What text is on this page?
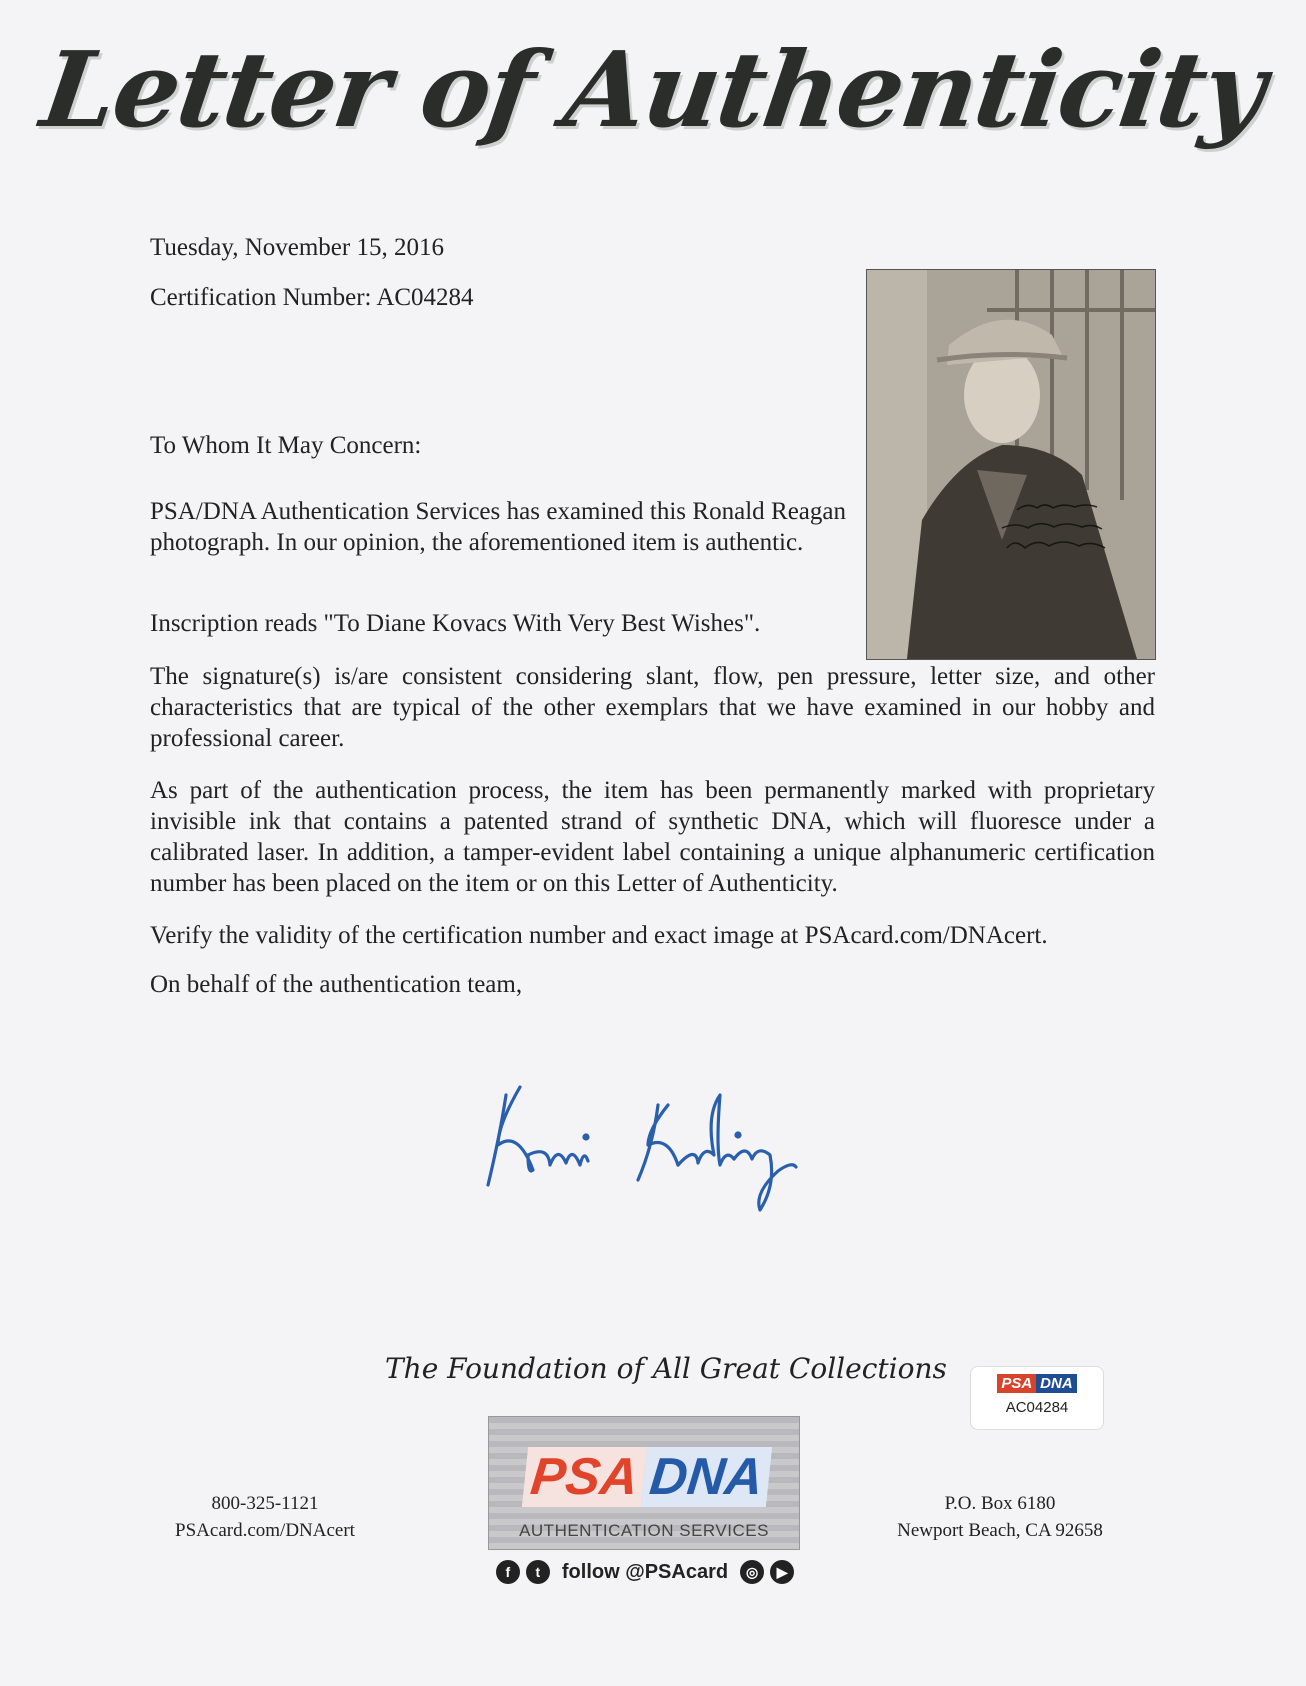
Letter of Authenticity
Tuesday, November 15, 2016
Certification Number: AC04284

To Whom It May Concern:

PSA/DNA Authentication Services has examined this Ronald Reagan photograph. In our opinion, the aforementioned item is authentic.

Inscription reads "To Diane Kovacs With Very Best Wishes".

The signature(s) is/are consistent considering slant, flow, pen pressure, letter size, and other characteristics that are typical of the other exemplars that we have examined in our hobby and professional career.

As part of the authentication process, the item has been permanently marked with proprietary invisible ink that contains a patented strand of synthetic DNA, which will fluoresce under a calibrated laser. In addition, a tamper-evident label containing a unique alphanumeric certification number has been placed on the item or on this Letter of Authenticity.

Verify the validity of the certification number and exact image at PSAcard.com/DNAcert.

On behalf of the authentication team,

The Foundation of All Great Collections	PSA DNA
AC04284
800-325-1121
PSAcard.com/DNAcert
PSA DNA
AUTHENTICATION SERVICES
P.O. Box 6180
Newport Beach, CA 92658
f	t	follow @PSAcard	◎	▶
